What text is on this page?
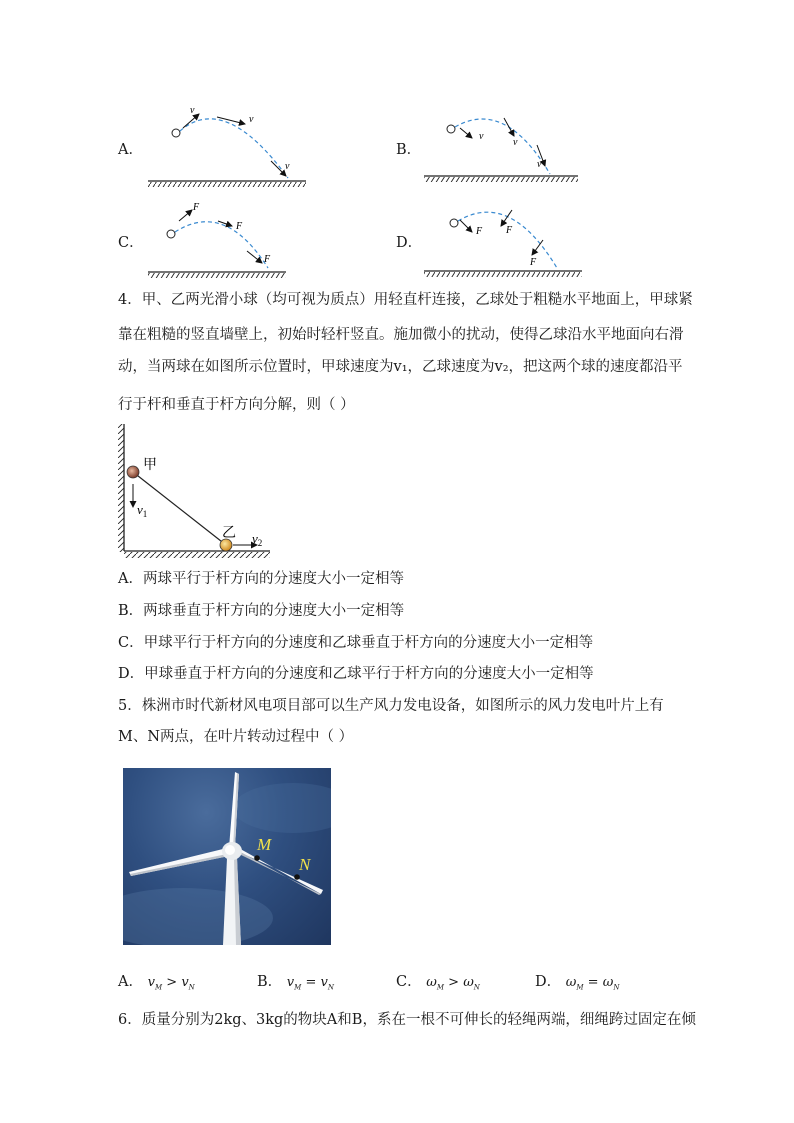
v
v
v
v
v
v
F
F
F
F F
F
A．	B．
C．	D．
4．甲、乙两光滑小球（均可视为质点）用轻直杆连接，乙球处于粗糙水平地面上，甲球紧
靠在粗糙的竖直墙壁上，初始时轻杆竖直。施加微小的扰动，使得乙球沿水平地面向右滑
动，当两球在如图所示位置时，甲球速度为v₁，乙球速度为v₂，把这两个球的速度都沿平
行于杆和垂直于杆方向分解，则（ ）
甲
乙
$v_1$
$v_2$
A．两球平行于杆方向的分速度大小一定相等
B．两球垂直于杆方向的分速度大小一定相等
C．甲球平行于杆方向的分速度和乙球垂直于杆方向的分速度大小一定相等
D．甲球垂直于杆方向的分速度和乙球平行于杆方向的分速度大小一定相等
5．株洲市时代新材风电项目部可以生产风力发电设备，如图所示的风力发电叶片上有
M、N两点，在叶片转动过程中（ ）
M
N
A． $v_M > v_N$	B． $v_M = v_N$	C． $\omega_M > \omega_N$	D． $\omega_M = \omega_N$
6．质量分别为2kg、3kg的物块A和B，系在一根不可伸长的轻绳两端，细绳跨过固定在倾
